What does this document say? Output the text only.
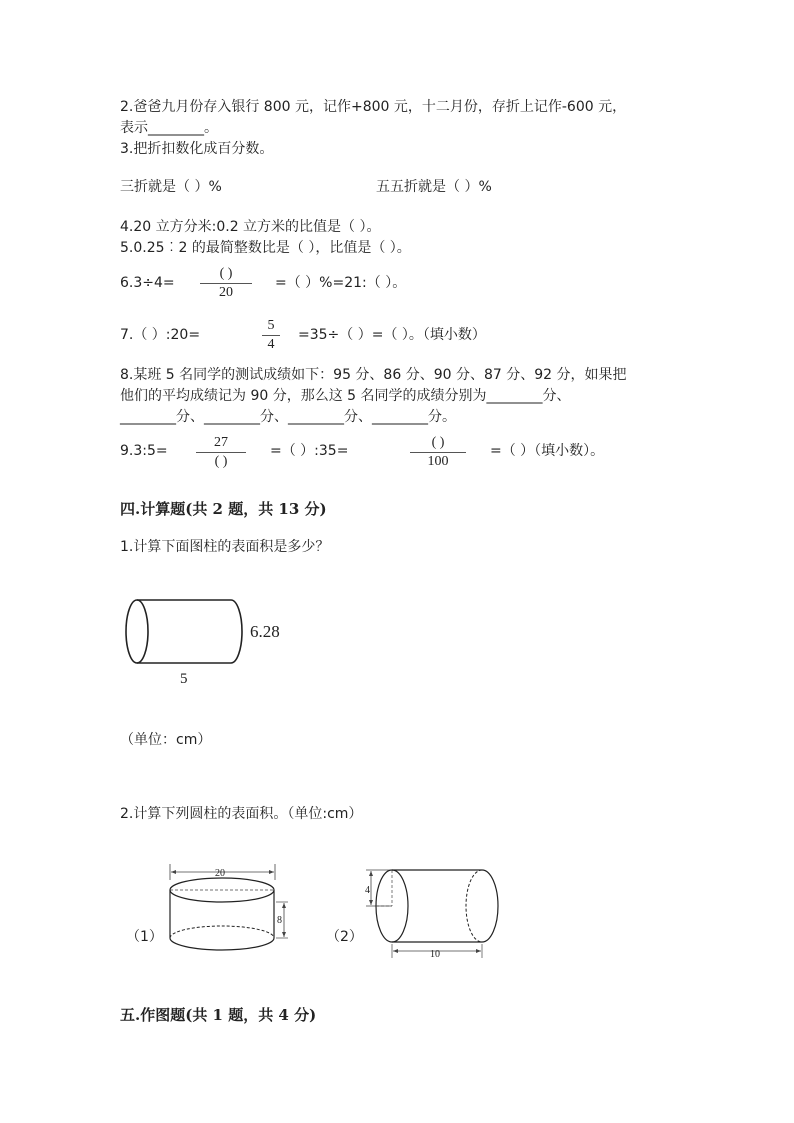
2.爸爸九月份存入银行 800 元，记作+800 元，十二月份，存折上记作-600 元，
表示________。
3.把折扣数化成百分数。
三折就是（ ）%	五五折就是（ ）%
4.20 立方分米:0.2 立方米的比值是（ ）。
5.0.25︰2 的最简整数比是（ ），比值是（ ）。
6.3÷4=
( )
20
=（ ）%=21:（ ）。
7.（ ）:20=
5
4
=35÷（ ）=（ ）。（填小数）
8.某班 5 名同学的测试成绩如下：95 分、86 分、90 分、87 分、92 分，如果把
他们的平均成绩记为 90 分，那么这 5 名同学的成绩分别为________分、
________分、________分、________分、________分。
9.3:5=
27
( )
=（ ）:35=
( )
100
=（ ）（填小数）。
四.计算题(共 2 题，共 13 分)
1.计算下面图柱的表面积是多少？
6.28
5
（单位：cm）
2.计算下列圆柱的表面积。（单位:cm）
（1）	（2）
20
8
4
10
五.作图题(共 1 题，共 4 分)
